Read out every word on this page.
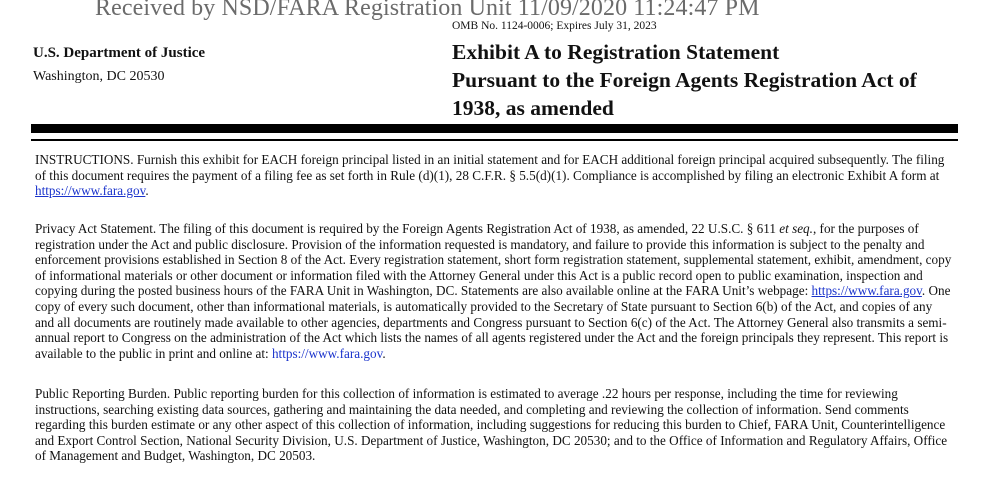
Received by NSD/FARA Registration Unit 11/09/2020 11:24:47 PM
OMB No. 1124-0006; Expires July 31, 2023
U.S. Department of Justice
Washington, DC 20530
Exhibit A to Registration Statement
Pursuant to the Foreign Agents Registration Act of
1938, as amended
INSTRUCTIONS. Furnish this exhibit for EACH foreign principal listed in an initial statement and for EACH additional foreign principal acquired subsequently. The filing of this document requires the payment of a filing fee as set forth in Rule (d)(1), 28 C.F.R. § 5.5(d)(1). Compliance is accomplished by filing an electronic Exhibit A form at https://www.fara.gov.
Privacy Act Statement. The filing of this document is required by the Foreign Agents Registration Act of 1938, as amended, 22 U.S.C. § 611 et seq., for the purposes of registration under the Act and public disclosure. Provision of the information requested is mandatory, and failure to provide this information is subject to the penalty and enforcement provisions established in Section 8 of the Act. Every registration statement, short form registration statement, supplemental statement, exhibit, amendment, copy of informational materials or other document or information filed with the Attorney General under this Act is a public record open to public examination, inspection and copying during the posted business hours of the FARA Unit in Washington, DC. Statements are also available online at the FARA Unit’s webpage: https://www.fara.gov. One copy of every such document, other than informational materials, is automatically provided to the Secretary of State pursuant to Section 6(b) of the Act, and copies of any and all documents are routinely made available to other agencies, departments and Congress pursuant to Section 6(c) of the Act. The Attorney General also transmits a semi-annual report to Congress on the administration of the Act which lists the names of all agents registered under the Act and the foreign principals they represent. This report is available to the public in print and online at: https://www.fara.gov.
Public Reporting Burden. Public reporting burden for this collection of information is estimated to average .22 hours per response, including the time for reviewing instructions, searching existing data sources, gathering and maintaining the data needed, and completing and reviewing the collection of information. Send comments regarding this burden estimate or any other aspect of this collection of information, including suggestions for reducing this burden to Chief, FARA Unit, Counterintelligence and Export Control Section, National Security Division, U.S. Department of Justice, Washington, DC 20530; and to the Office of Information and Regulatory Affairs, Office of Management and Budget, Washington, DC 20503.
